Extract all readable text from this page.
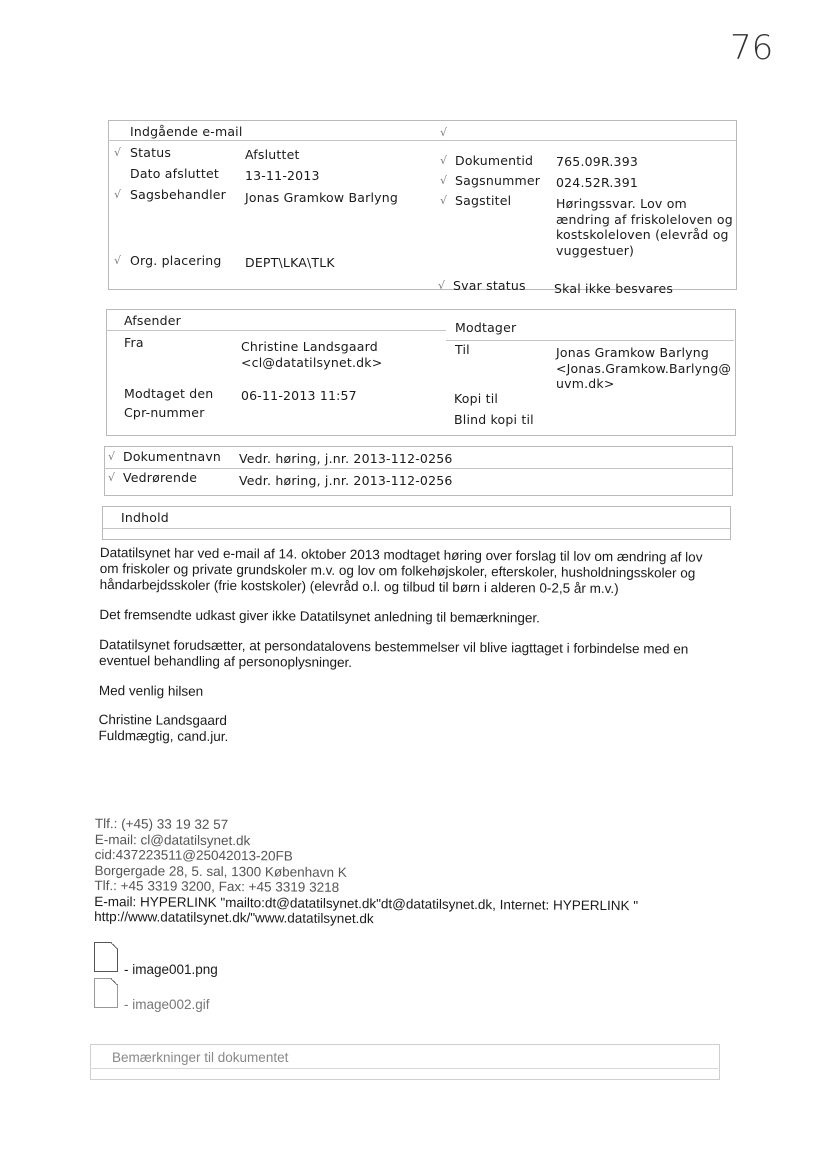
76
Indgående e-mail	√
√ Status	Afsluttet
Dato afsluttet 13-11-2013
√ Sagsbehandler Jonas Gramkow Barlyng
√ Org. placering DEPT\LKA\TLK
√ Dokumentid 765.09R.393
√ Sagsnummer 024.52R.391
√ Sagstitel	Høringssvar. Lov om
ændring af friskoleloven og
kostskoleloven (elevråd og
vuggestuer)
√ Svar status Skal ikke besvares
Afsender
Fra	Christine Landsgaard
<cl@datatilsynet.dk>
Modtaget den 06-11-2013 11:57
Cpr-nummer
Modtager
Til	Jonas Gramkow Barlyng
<Jonas.Gramkow.Barlyng@
uvm.dk>
Kopi til
Blind kopi til
√ Dokumentnavn Vedr. høring, j.nr. 2013-112-0256
√ Vedrørende	Vedr. høring, j.nr. 2013-112-0256
Indhold
Datatilsynet har ved e-mail af 14. oktober 2013 modtaget høring over forslag til lov om ændring af lov
om friskoler og private grundskoler m.v. og lov om folkehøjskoler, efterskoler, husholdningsskoler og
håndarbejdsskoler (frie kostskoler) (elevråd o.l. og tilbud til børn i alderen 0-2,5 år m.v.)
Det fremsendte udkast giver ikke Datatilsynet anledning til bemærkninger.
Datatilsynet forudsætter, at persondatalovens bestemmelser vil blive iagttaget i forbindelse med en
eventuel behandling af personoplysninger.
Med venlig hilsen
Christine Landsgaard
Fuldmægtig, cand.jur.
Tlf.: (+45) 33 19 32 57
E-mail: cl@datatilsynet.dk
cid:437223511@25042013-20FB
Borgergade 28, 5. sal, 1300 København K
Tlf.: +45 3319 3200, Fax: +45 3319 3218
E-mail: HYPERLINK "mailto:dt@datatilsynet.dk"dt@datatilsynet.dk, Internet: HYPERLINK "
http://www.datatilsynet.dk/"www.datatilsynet.dk
- image001.png
- image002.gif
Bemærkninger til dokumentet
